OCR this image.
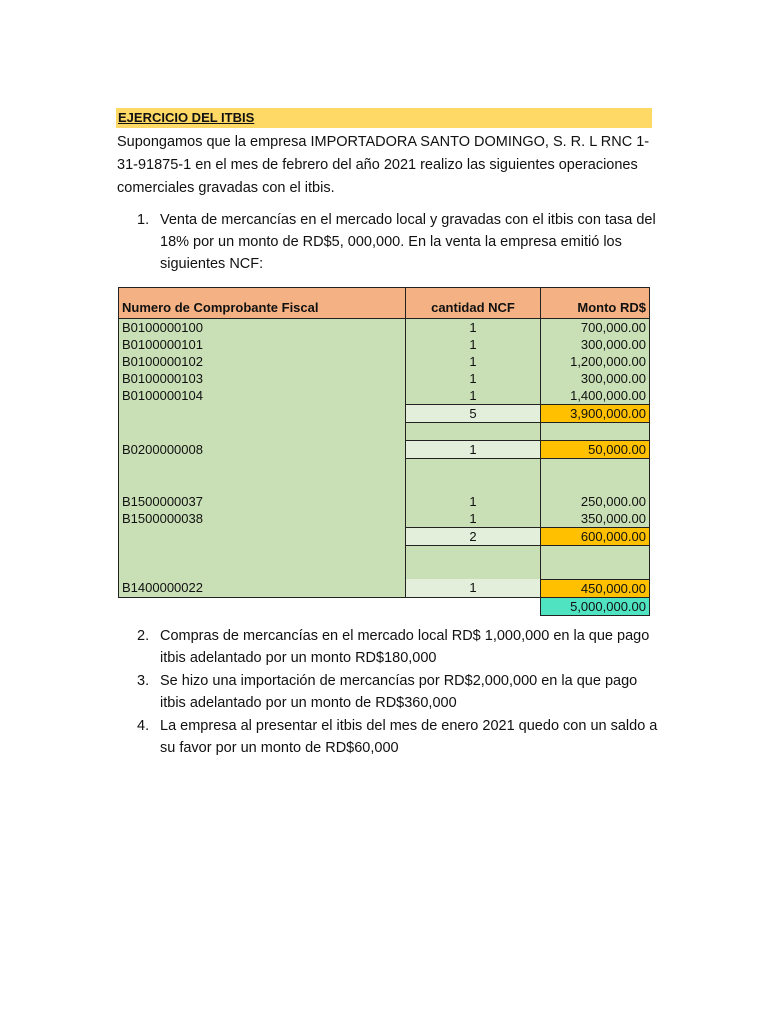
EJERCICIO DEL ITBIS
Supongamos que la empresa IMPORTADORA SANTO DOMINGO, S. R. L RNC 1-31-91875-1 en el mes de febrero del año 2021 realizo las siguientes operaciones comerciales gravadas con el itbis.
1. Venta de mercancías en el mercado local y gravadas con el itbis con tasa del 18% por un monto de RD$5, 000,000. En la venta la empresa emitió los siguientes NCF:
Numero de Comprobante Fiscal	cantidad NCF	Monto RD$
B0100000100	1	700,000.00
B0100000101	1	300,000.00
B0100000102	1	1,200,000.00
B0100000103	1	300,000.00
B0100000104	1	1,400,000.00
	5	3,900,000.00

B0200000008	1	50,000.00

B1500000037	1	250,000.00
B1500000038	1	350,000.00
	2	600,000.00

B1400000022	1	450,000.00
		5,000,000.00
2. Compras de mercancías en el mercado local RD$ 1,000,000 en la que pago itbis adelantado por un monto RD$180,000
3. Se hizo una importación de mercancías por RD$2,000,000 en la que pago itbis adelantado por un monto de RD$360,000
4. La empresa al presentar el itbis del mes de enero 2021 quedo con un saldo a su favor por un monto de RD$60,000
